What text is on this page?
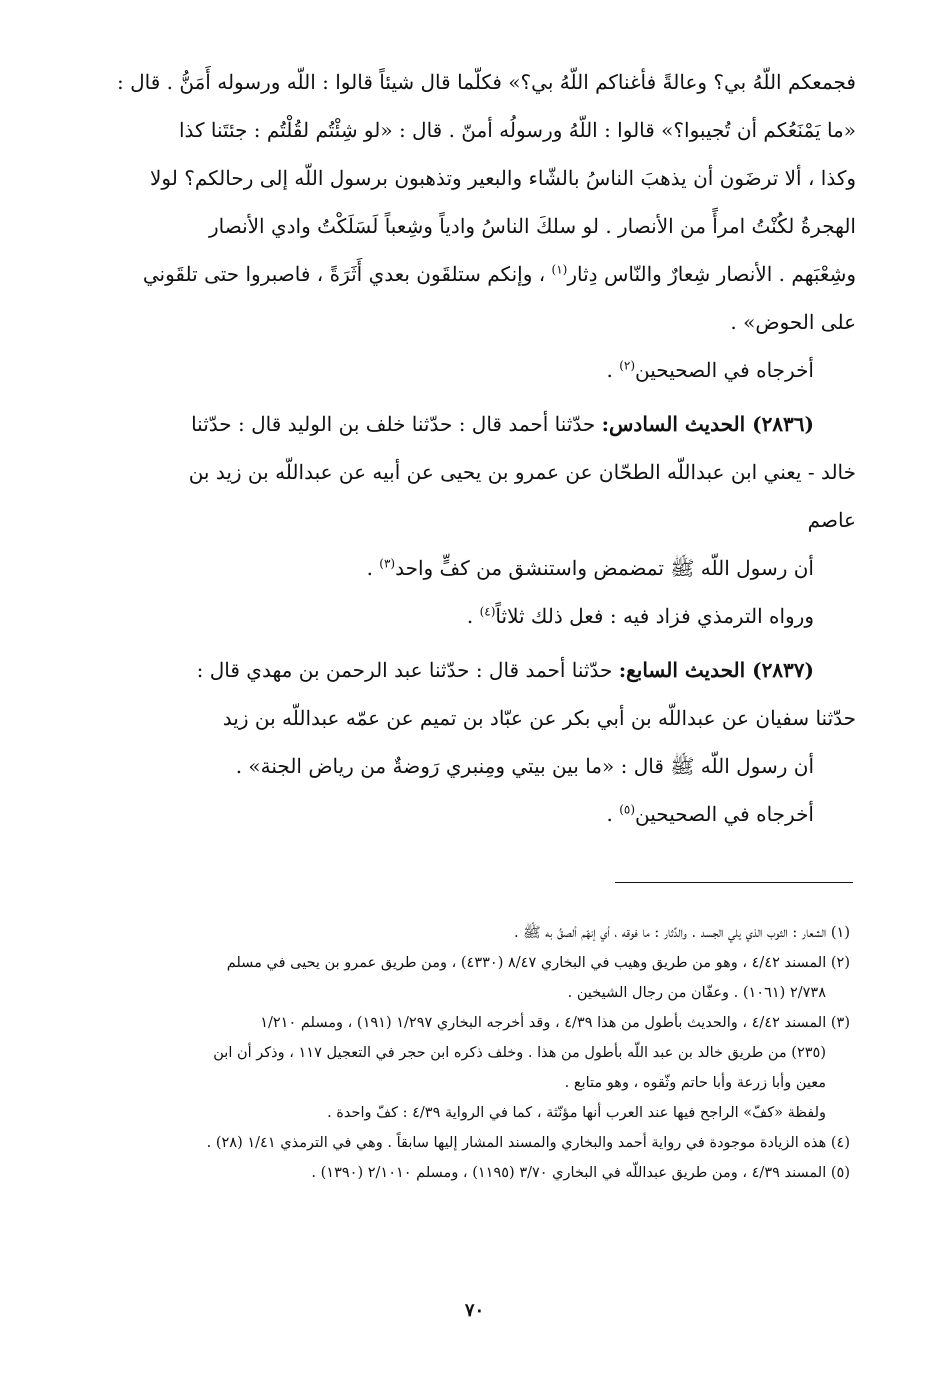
فجمعكم اللّهُ بي؟ وعالةً فأغناكم اللّهُ بي؟» فكلّما قال شيئاً قالوا : اللّه ورسوله أَمَنُّ . قال :

«ما يَمْنَعُكم أن تُجيبوا؟» قالوا : اللّهُ ورسولُه أمنّ . قال : «لو شِئْتُم لقُلْتُم : جئتَنا كذا

وكذا ، ألا ترضَون أن يذهبَ الناسُ بالشّاء والبعير وتذهبون برسول اللّه إلى رحالكم؟ لولا

الهجرةُ لكُنْتُ امرأً من الأنصار . لو سلكَ الناسُ وادياً وشِعباً لَسَلَكْتُ وادي الأنصار

وشِعْبَهم . الأنصار شِعارٌ والنّاس دِثار$^{(١)}$ ، وإنكم ستلقَون بعدي أَثَرَةً ، فاصبروا حتى تلقَوني

على الحوض» .

أخرجاه في الصحيحين$^{(٢)}$ .

(٢٨٣٦) الحديث السادس: حدّثنا أحمد قال : حدّثنا خلف بن الوليد قال : حدّثنا

خالد - يعني ابن عبداللّه الطحّان عن عمرو بن يحيى عن أبيه عن عبداللّه بن زيد بن

عاصم

أن رسول اللّه ﷺ تمضمض واستنشق من كفٍّ واحد$^{(٣)}$ .

ورواه الترمذي فزاد فيه : فعل ذلك ثلاثاً$^{(٤)}$ .

(٢٨٣٧) الحديث السابع: حدّثنا أحمد قال : حدّثنا عبد الرحمن بن مهدي قال :

حدّثنا سفيان عن عبداللّه بن أبي بكر عن عبّاد بن تميم عن عمّه عبداللّه بن زيد

أن رسول اللّه ﷺ قال : «ما بين بيتي ومِنبري رَوضةٌ من رياض الجنة» .

أخرجاه في الصحيحين$^{(٥)}$ .

(١) الشعار : الثوب الذي يلي الجسد . والدِّثار : ما فوقه ، أي إنهّم ألصقُ به ﷺ .

(٢) المسند ٤/٤٢ ، وهو من طريق وهيب في البخاري ٨/٤٧ (٤٣٣٠) ، ومن طريق عمرو بن يحيى في مسلم

٢/٧٣٨ (١٠٦١) . وعفّان من رجال الشيخين .

(٣) المسند ٤/٤٢ ، والحديث بأطول من هذا ٤/٣٩ ، وقد أخرجه البخاري ١/٢٩٧ (١٩١) ، ومسلم ١/٢١٠

(٢٣٥) من طريق خالد بن عبد اللّه بأطول من هذا . وخلف ذكره ابن حجر في التعجيل ١١٧ ، وذكر أن ابن

معين وأبا زرعة وأبا حاتم وثّقوه ، وهو متابع .

ولفظة «كفّ» الراجح فيها عند العرب أنها مؤنّثة ، كما في الرواية ٤/٣٩ : كفّ واحدة .

(٤) هذه الزيادة موجودة في رواية أحمد والبخاري والمسند المشار إليها سابقاً . وهي في الترمذي ١/٤١ (٢٨) .

(٥) المسند ٤/٣٩ ، ومن طريق عبداللّه في البخاري ٣/٧٠ (١١٩٥) ، ومسلم ٢/١٠١٠ (١٣٩٠) .

٧٠
